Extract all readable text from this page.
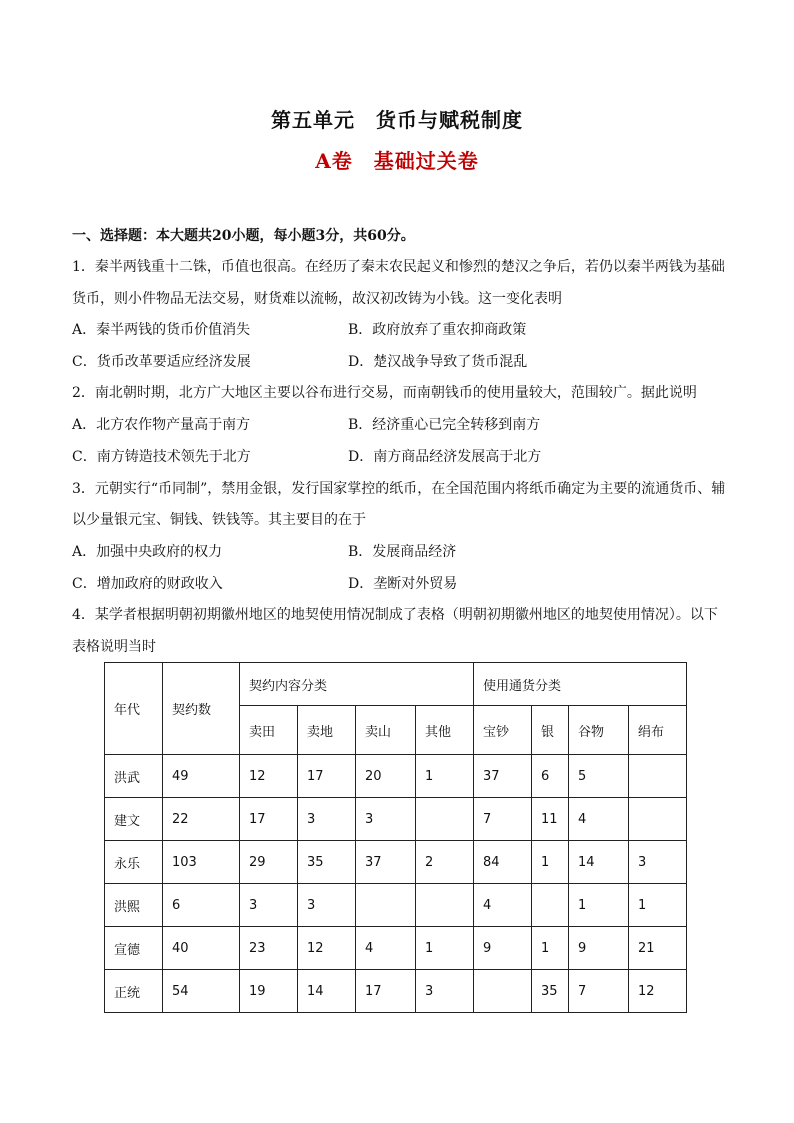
第五单元　货币与赋税制度
A卷　基础过关卷
一、选择题：本大题共20小题，每小题3分，共60分。
1．秦半两钱重十二铢，币值也很高。在经历了秦末农民起义和惨烈的楚汉之争后，若仍以秦半两钱为基础
货币，则小件物品无法交易，财货难以流畅，故汉初改铸为小钱。这一变化表明
A．秦半两钱的货币价值消失	B．政府放弃了重农抑商政策
C．货币改革要适应经济发展	D．楚汉战争导致了货币混乱
2．南北朝时期，北方广大地区主要以谷布进行交易，而南朝钱币的使用量较大，范围较广。据此说明
A．北方农作物产量高于南方	B．经济重心已完全转移到南方
C．南方铸造技术领先于北方	D．南方商品经济发展高于北方
3．元朝实行“币同制”，禁用金银，发行国家掌控的纸币，在全国范围内将纸币确定为主要的流通货币、辅
以少量银元宝、铜钱、铁钱等。其主要目的在于
A．加强中央政府的权力	B．发展商品经济
C．增加政府的财政收入	D．垄断对外贸易
4．某学者根据明朝初期徽州地区的地契使用情况制成了表格（明朝初期徽州地区的地契使用情况）。以下
表格说明当时
年代	契约数	契约内容分类				使用通货分类			
		卖田	卖地	卖山	其他	宝钞	银	谷物	绢布
洪武	49	12	17	20	1	37	6	5	
建文	22	17	3	3		7	11	4	
永乐	103	29	35	37	2	84	1	14	3
洪熙	6	3	3			4		1	1
宣德	40	23	12	4	1	9	1	9	21
正统	54	19	14	17	3		35	7	12
